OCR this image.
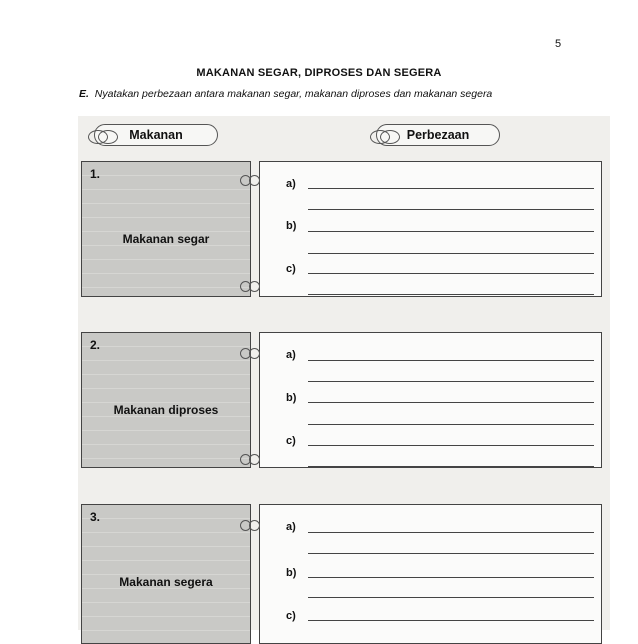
5
MAKANAN SEGAR, DIPROSES DAN SEGERA
E. Nyatakan perbezaan antara makanan segar, makanan diproses dan makanan segera
Makanan	Perbezaan
1.
Makanan segar
a)
b)
c)
2.
Makanan diproses
a)
b)
c)
3.
Makanan segera
a)
b)
c)
